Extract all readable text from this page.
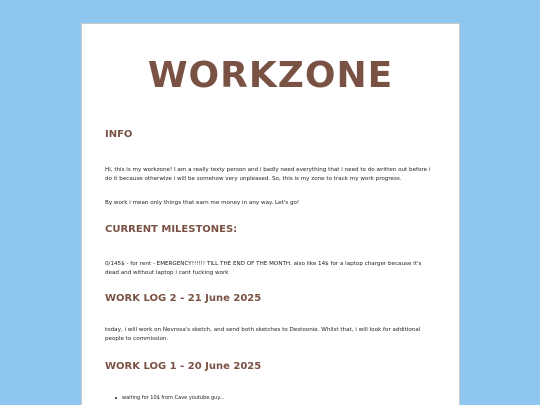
WORKZONE
INFO

Hi, this is my workzone! I am a really texty person and i badly need everything that i need to do written out before i do it because otherwize i will be somehow very unpleased. So, this is my zone to track my work progress.

By work i mean only things that earn me money in any way. Let's go!

CURRENT MILESTONES:

0/145$ - for rent - EMERGENCY!!!!!! TILL THE END OF THE MONTH. also like 14$ for a laptop charger because it's dead and without laptop i cant fucking work

WORK LOG 2 - 21 June 2025

today, i will work on Nevrosa's sketch, and send both sketches to Destoonie. Whilst that, i will look for additional people to commission.

WORK LOG 1 - 20 June 2025
waiting for 10$ from Cave youtube guy...
